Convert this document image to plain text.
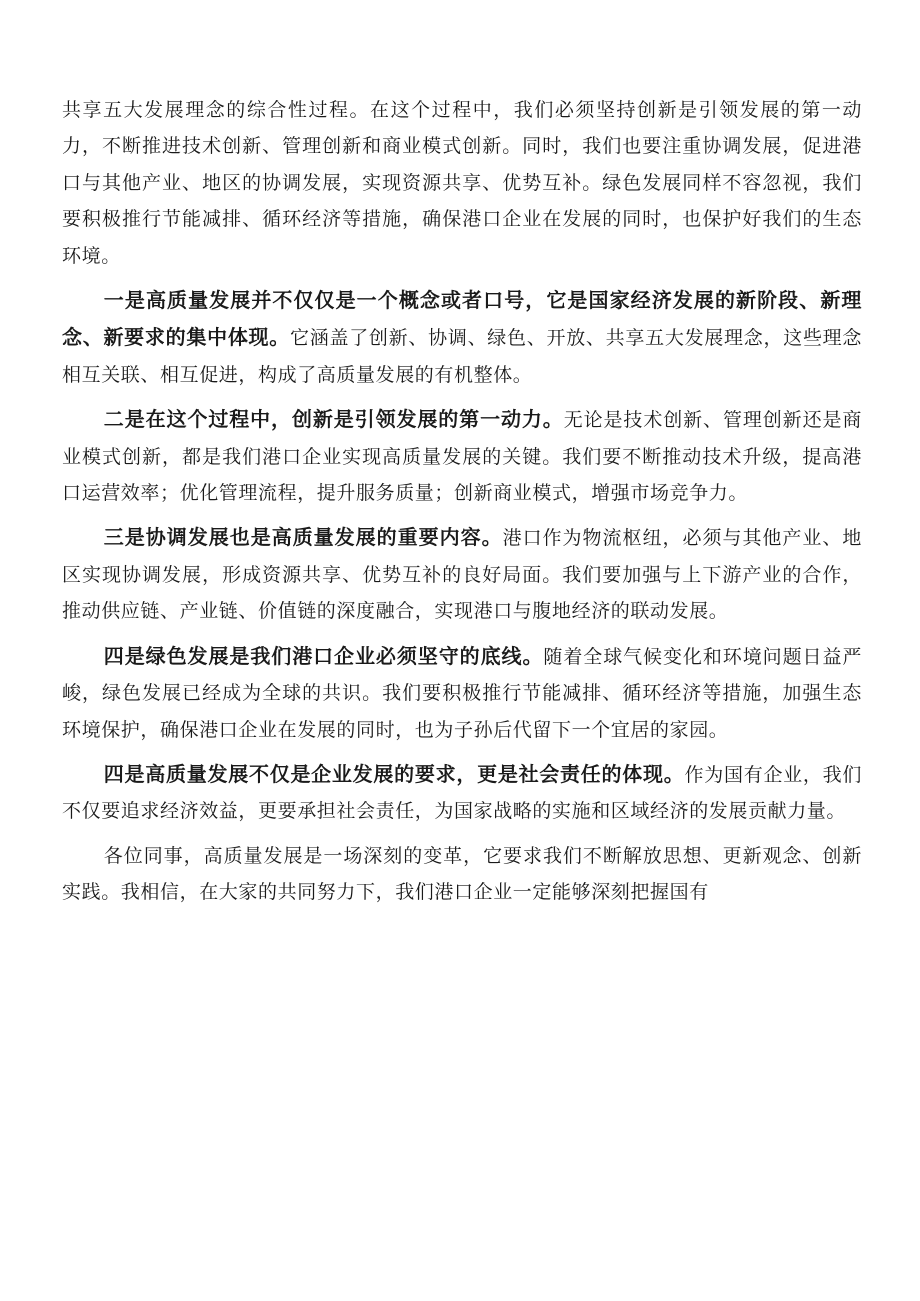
共享五大发展理念的综合性过程。在这个过程中，我们必须坚持创新是引领发展的第一动力，不断推进技术创新、管理创新和商业模式创新。同时，我们也要注重协调发展，促进港口与其他产业、地区的协调发展，实现资源共享、优势互补。绿色发展同样不容忽视，我们要积极推行节能减排、循环经济等措施，确保港口企业在发展的同时，也保护好我们的生态环境。

一是高质量发展并不仅仅是一个概念或者口号，它是国家经济发展的新阶段、新理念、新要求的集中体现。它涵盖了创新、协调、绿色、开放、共享五大发展理念，这些理念相互关联、相互促进，构成了高质量发展的有机整体。

二是在这个过程中，创新是引领发展的第一动力。无论是技术创新、管理创新还是商业模式创新，都是我们港口企业实现高质量发展的关键。我们要不断推动技术升级，提高港口运营效率；优化管理流程，提升服务质量；创新商业模式，增强市场竞争力。

三是协调发展也是高质量发展的重要内容。港口作为物流枢纽，必须与其他产业、地区实现协调发展，形成资源共享、优势互补的良好局面。我们要加强与上下游产业的合作，推动供应链、产业链、价值链的深度融合，实现港口与腹地经济的联动发展。

四是绿色发展是我们港口企业必须坚守的底线。随着全球气候变化和环境问题日益严峻，绿色发展已经成为全球的共识。我们要积极推行节能减排、循环经济等措施，加强生态环境保护，确保港口企业在发展的同时，也为子孙后代留下一个宜居的家园。

四是高质量发展不仅是企业发展的要求，更是社会责任的体现。作为国有企业，我们不仅要追求经济效益，更要承担社会责任，为国家战略的实施和区域经济的发展贡献力量。

各位同事，高质量发展是一场深刻的变革，它要求我们不断解放思想、更新观念、创新实践。我相信，在大家的共同努力下，我们港口企业一定能够深刻把握国有
